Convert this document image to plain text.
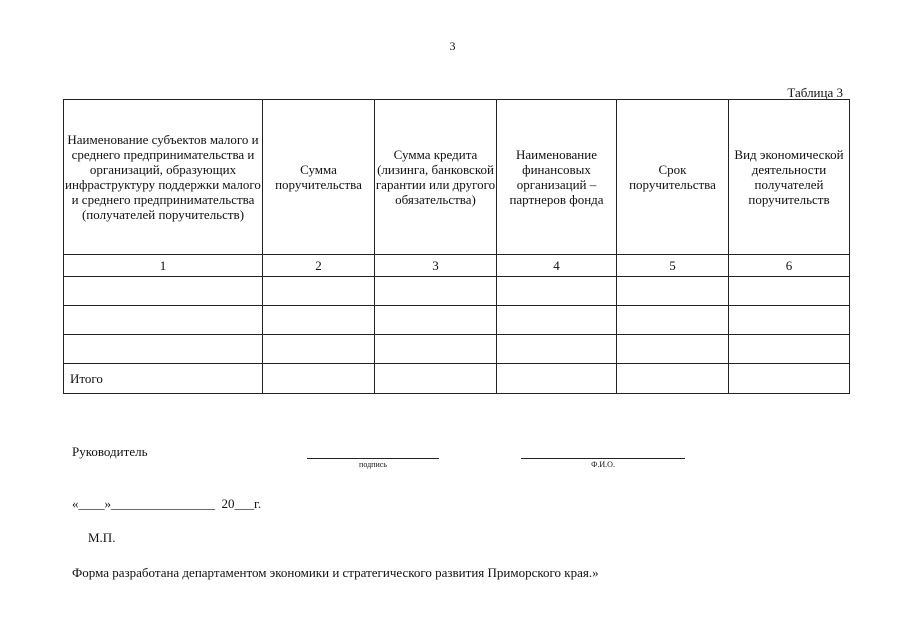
3
Таблица 3
Наименование субъектов малого и среднего предпринимательства и организаций, образующих инфраструктуру поддержки малого и среднего предпринимательства (получателей поручительств)	Сумма поручительства	Сумма кредита (лизинга, банковской гарантии или другого обязательства)	Наименование финансовых организаций – партнеров фонда	Срок поручительства	Вид экономической деятельности получателей поручительств
1	2	3	4	5	6

Итого					
Руководитель
подпись	Ф.И.О.
«____»________________  20___г.
М.П.
Форма разработана департаментом экономики и стратегического развития Приморского края.»
